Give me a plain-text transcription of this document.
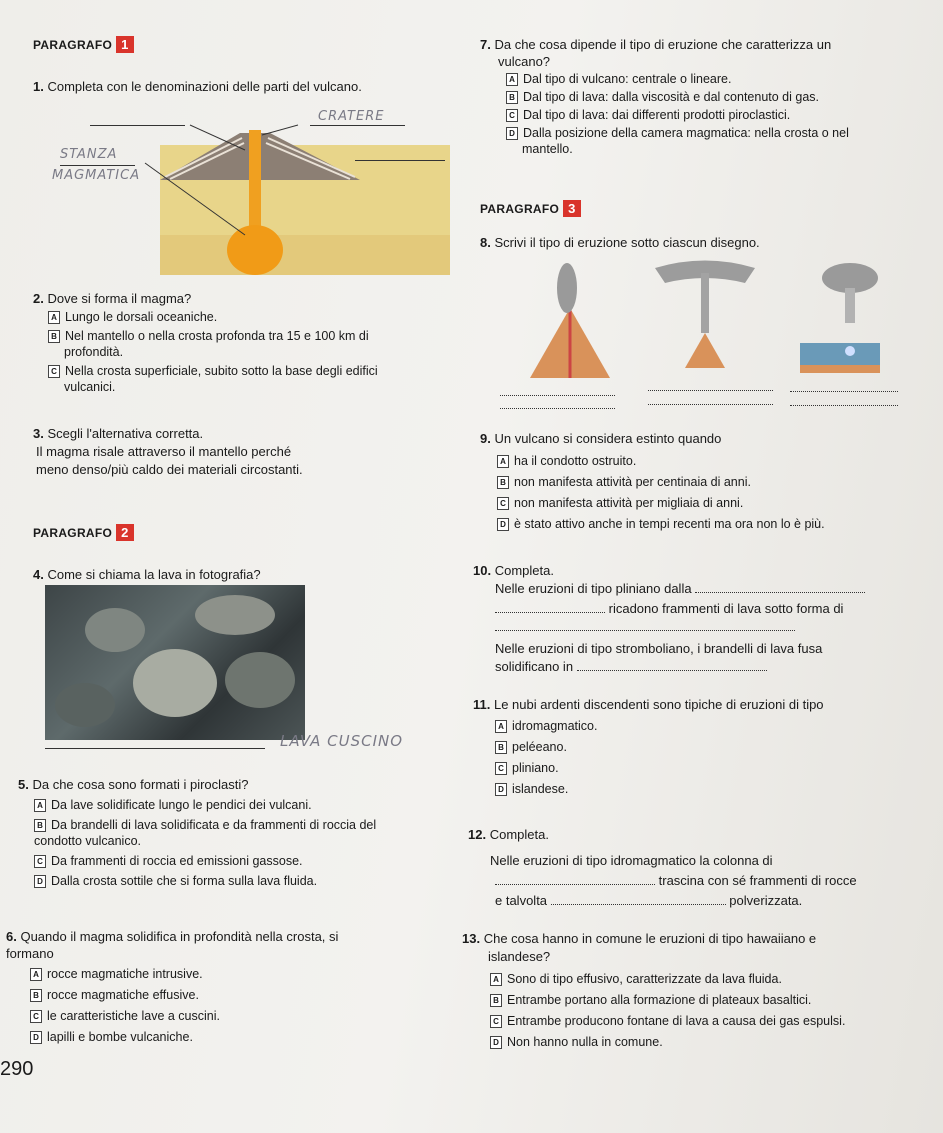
PARAGRAFO 1
1. Completa con le denominazioni delle parti del vulcano.
CRATERE
STANZA
MAGMATICA
2. Dove si forma il magma?
A Lungo le dorsali oceaniche.
B Nel mantello o nella crosta profonda tra 15 e 100 km di
profondità.
C Nella crosta superficiale, subito sotto la base degli edifici
vulcanici.
3. Scegli l'alternativa corretta.
Il magma risale attraverso il mantello perché
meno denso/più caldo dei materiali circostanti.
PARAGRAFO 2
4. Come si chiama la lava in fotografia?
LAVA CUSCINO
5. Da che cosa sono formati i piroclasti?
A Da lave solidificate lungo le pendici dei vulcani.
B Da brandelli di lava solidificata e da frammenti di roccia del
condotto vulcanico.
C Da frammenti di roccia ed emissioni gassose.
D Dalla crosta sottile che si forma sulla lava fluida.
6. Quando il magma solidifica in profondità nella crosta, si
formano
A rocce magmatiche intrusive.
B rocce magmatiche effusive.
C le caratteristiche lave a cuscini.
D lapilli e bombe vulcaniche.
290
7. Da che cosa dipende il tipo di eruzione che caratterizza un
vulcano?
A Dal tipo di vulcano: centrale o lineare.
B Dal tipo di lava: dalla viscosità e dal contenuto di gas.
C Dal tipo di lava: dai differenti prodotti piroclastici.
D Dalla posizione della camera magmatica: nella crosta o nel
mantello.
PARAGRAFO 3
8. Scrivi il tipo di eruzione sotto ciascun disegno.
9. Un vulcano si considera estinto quando
A ha il condotto ostruito.
B non manifesta attività per centinaia di anni.
C non manifesta attività per migliaia di anni.
D è stato attivo anche in tempi recenti ma ora non lo è più.
10. Completa.
Nelle eruzioni di tipo pliniano dalla
ricadono frammenti di lava sotto forma di
Nelle eruzioni di tipo stromboliano, i brandelli di lava fusa
solidificano in
11. Le nubi ardenti discendenti sono tipiche di eruzioni di tipo
A idromagmatico.
B peléeano.
C pliniano.
D islandese.
12. Completa.
Nelle eruzioni di tipo idromagmatico la colonna di
trascina con sé frammenti di rocce
e talvolta	polverizzata.
13. Che cosa hanno in comune le eruzioni di tipo hawaiiano e
islandese?
A Sono di tipo effusivo, caratterizzate da lava fluida.
B Entrambe portano alla formazione di plateaux basaltici.
C Entrambe producono fontane di lava a causa dei gas espulsi.
D Non hanno nulla in comune.
